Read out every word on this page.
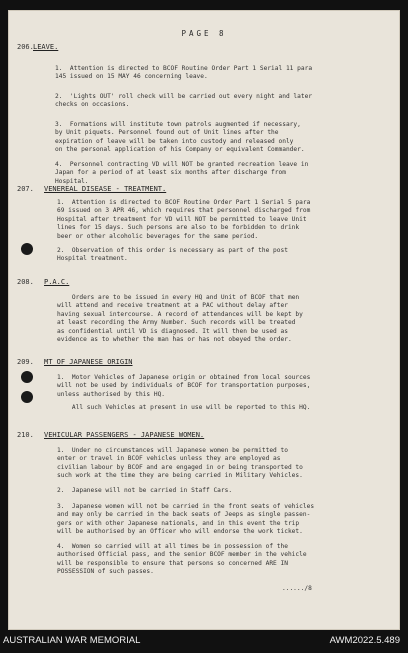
PAGE 8
206. LEAVE.

1.  Attention is directed to BCOF Routine Order Part 1 Serial 11 para
145 issued on 15 MAY 46 concerning leave.

2.  'Lights OUT' roll check will be carried out every night and later
checks on occasions.

3.  Formations will institute town patrols augmented if necessary,
by Unit piquets. Personnel found out of Unit lines after the
expiration of leave will be taken into custody and released only
on the personal application of his Company or equivalent Commander.

4.  Personnel contracting VD will NOT be granted recreation leave in
Japan for a period of at least six months after discharge from
Hospital.

207. VENEREAL DISEASE - TREATMENT.

1.  Attention is directed to BCOF Routine Order Part 1 Serial 5 para
69 issued on 3 APR 46, which requires that personnel discharged from
Hospital after treatment for VD will NOT be permitted to leave Unit
lines for 15 days. Such persons are also to be forbidden to drink
beer or other alcoholic beverages for the same period.

2.  Observation of this order is necessary as part of the post
Hospital treatment.

208. P.A.C.

Orders are to be issued in every HQ and Unit of BCOF that men
will attend and receive treatment at a PAC without delay after
having sexual intercourse. A record of attendances will be kept by
at least recording the Army Number. Such records will be treated
as confidential until VD is diagnosed. It will then be used as
evidence as to whether the man has or has not obeyed the order.

209. MT OF JAPANESE ORIGIN

1.  Motor Vehicles of Japanese origin or obtained from local sources
will not be used by individuals of BCOF for transportation purposes,
unless authorised by this HQ.

All such Vehicles at present in use will be reported to this HQ.

210. VEHICULAR PASSENGERS - JAPANESE WOMEN.

1.  Under no circumstances will Japanese women be permitted to
enter or travel in BCOF vehicles unless they are employed as
civilian labour by BCOF and are engaged in or being transported to
such work at the time they are being carried in Military Vehicles.

2.  Japanese will not be carried in Staff Cars.

3.  Japanese women will not be carried in the front seats of vehicles
and may only be carried in the back seats of Jeeps as single passen-
gers or with other Japanese nationals, and in this event the trip
will be authorised by an Officer who will endorse the work ticket.

4.  Women so carried will at all times be in possession of the
authorised Official pass, and the senior BCOF member in the vehicle
will be responsible to ensure that persons so concerned ARE IN
POSSESSION of such passes.

....../8
AUSTRALIAN WAR MEMORIAL	AWM2022.5.489
